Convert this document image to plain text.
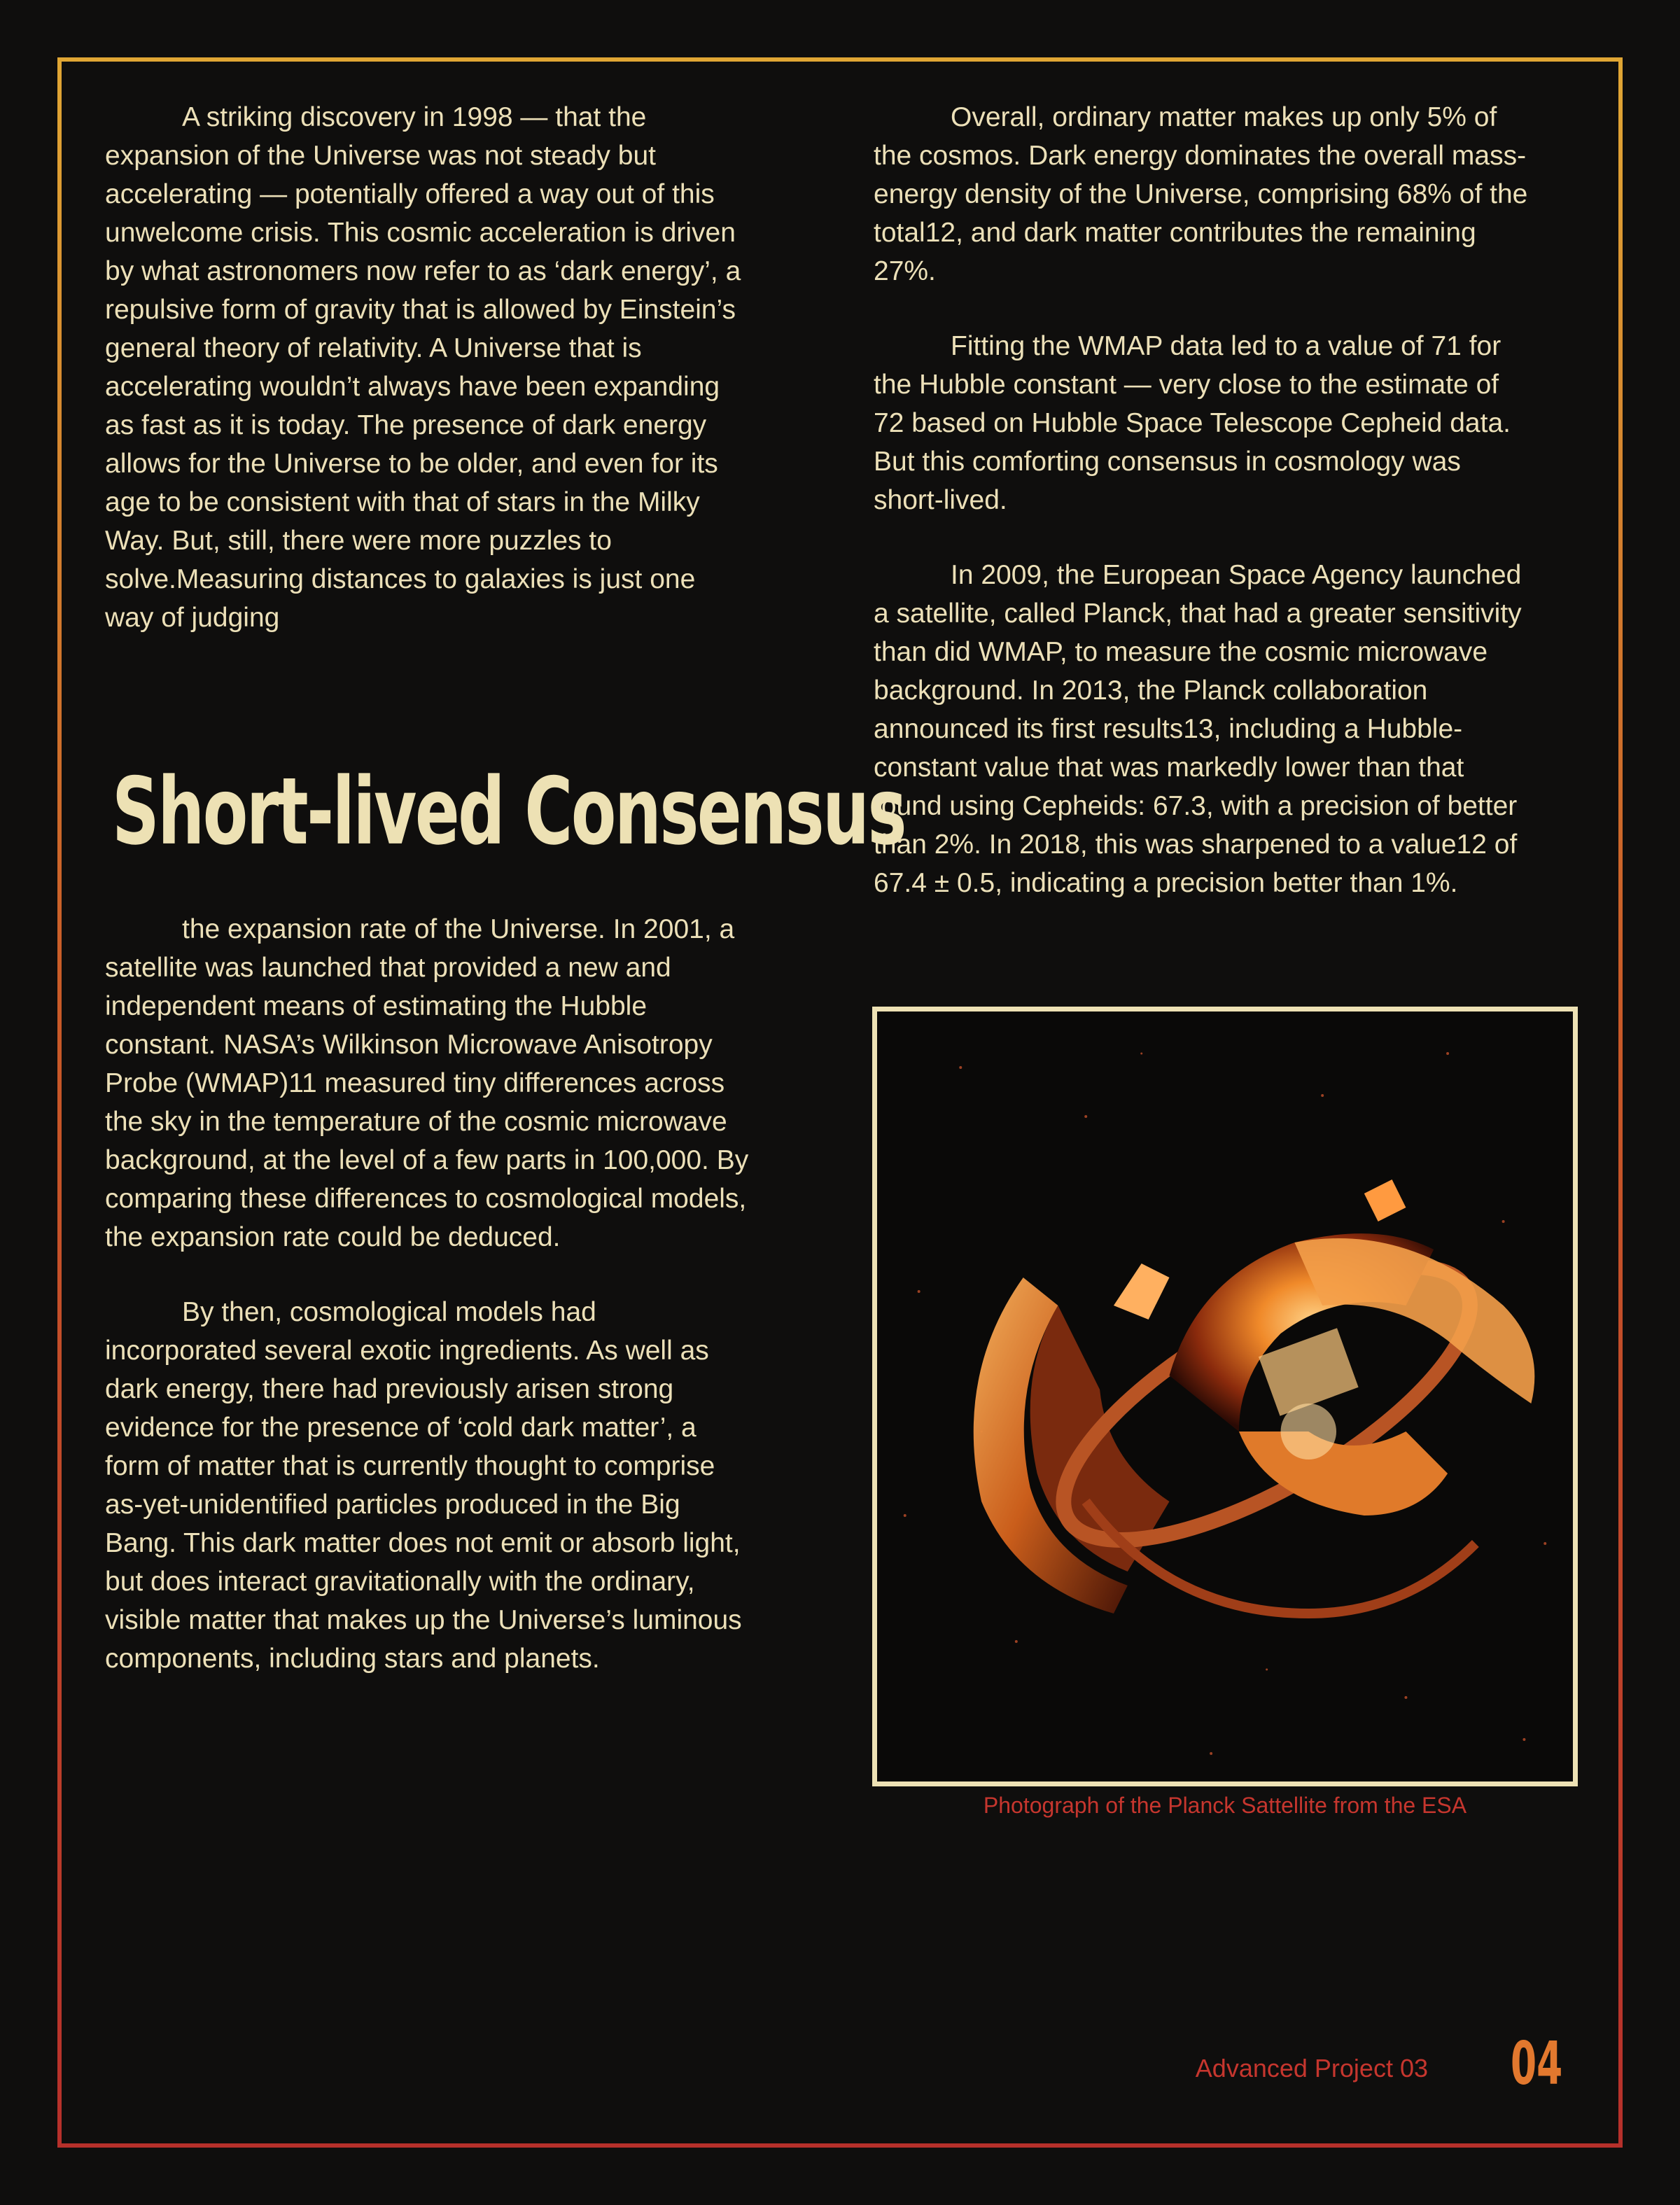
A striking discovery in 1998 — that the expansion of the Universe was not steady but accelerating — potentially offered a way out of this unwelcome crisis. This cosmic acceleration is driven by what astronomers now refer to as ‘dark energy’, a repulsive form of gravity that is allowed by Einstein’s general theory of relativity. A Universe that is accelerating wouldn’t always have been expanding as fast as it is today. The presence of dark energy allows for the Universe to be older, and even for its age to be consistent with that of stars in the Milky Way. But, still, there were more puzzles to solve.Measuring distances to galaxies is just one way of judging

Short-lived Consensus

the expansion rate of the Universe. In 2001, a satellite was launched that provided a new and independent means of estimating the Hubble constant. NASA’s Wilkinson Microwave Anisotropy Probe (WMAP)11 measured tiny differences across the sky in the temperature of the cosmic microwave background, at the level of a few parts in 100,000. By comparing these differences to cosmological models, the expansion rate could be deduced.

By then, cosmological models had incorporated several exotic ingredients. As well as dark energy, there had previously arisen strong evidence for the presence of ‘cold dark matter’, a form of matter that is currently thought to comprise as-yet-unidentified particles produced in the Big Bang. This dark matter does not emit or absorb light, but does interact gravitationally with the ordinary, visible matter that makes up the Universe’s luminous components, including stars and planets.

Overall, ordinary matter makes up only 5% of the cosmos. Dark energy dominates the overall mass-energy density of the Universe, comprising 68% of the total12, and dark matter contributes the remaining 27%.

Fitting the WMAP data led to a value of 71 for the Hubble constant — very close to the estimate of 72 based on Hubble Space Telescope Cepheid data. But this comforting consensus in cosmology was short-lived.

In 2009, the European Space Agency launched a satellite, called Planck, that had a greater sensitivity than did WMAP, to measure the cosmic microwave background. In 2013, the Planck collaboration announced its first results13, including a Hubble-constant value that was markedly lower than that found using Cepheids: 67.3, with a precision of better than 2%. In 2018, this was sharpened to a value12 of 67.4 ± 0.5, indicating a precision better than 1%.

Photograph of the Planck Sattellite from the ESA
Advanced Project 03 04
